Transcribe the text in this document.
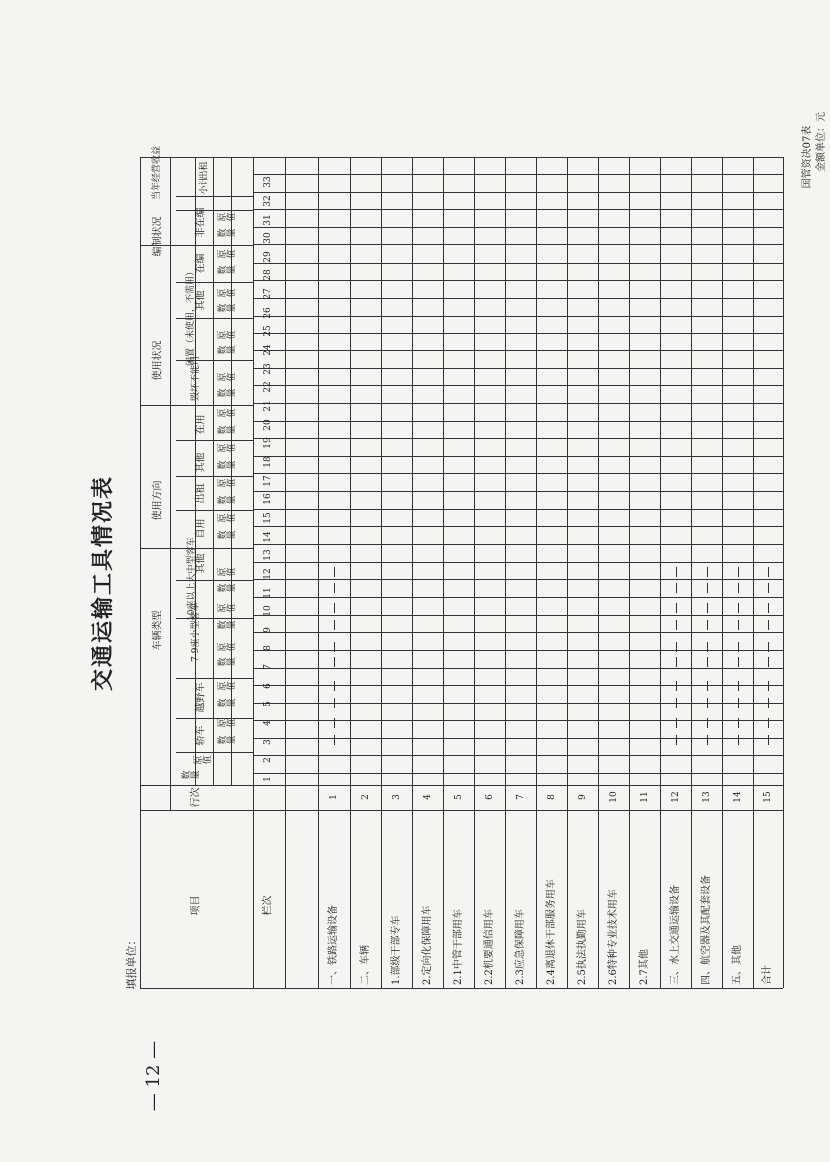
交通运输工具情况表
— 12 —
填报单位：
国管资决07表 金额单位：元
项目
行次
栏次
数量
原值
车辆类型
轿车
越野车
7-9座小型客车
10座以上大中型客车
其他
使用方向
自用
出租
其他
使用状况
在用
毁坏不能用
闲置（未使用，不需用） 其他
编制状况
在编
非在编
当年经营收益	小计
出租
数量
原值
数量
原值
数量
原值
数量
原值
数量
原值
数量
原值
数量
原值
数量
原值
数量
原值
数量
原值
数量
原值
数量
原值
数量
原值
数量
原值
1
2
3
4
5
6
7
8
9
10
11
12
13
14
15
16
17
18
19
20
21
22
23
24
25
26
27
28
29
30
31
32
33
一、铁路运输设备
1
二、车辆
2
1.部级干部专车
3
2.定向化保障用车
4
2.1中管干部用车
5
2.2机要通信用车
6
2.3应急保障用车
7
2.4离退休干部服务用车
8
2.5执法执勤用车
9
2.6特种专业技术用车
10
2.7其他
11
三、水上交通运输设备
12
四、航空器及其配套设备
13
五、其他
14
合计
15
